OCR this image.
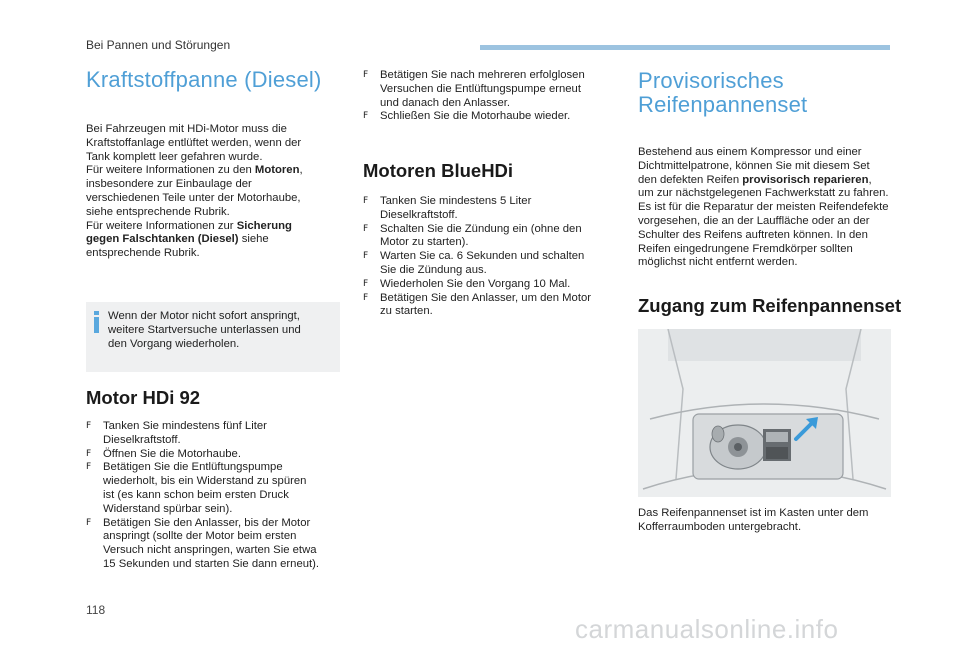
Bei Pannen und Störungen
Kraftstoffpanne (Diesel)

Bei Fahrzeugen mit HDi-Motor muss die

Kraftstoffanlage entlüftet werden, wenn der

Tank komplett leer gefahren wurde.

Für weitere Informationen zu den Motoren,

insbesondere zur Einbaulage der

verschiedenen Teile unter der Motorhaube,

siehe entsprechende Rubrik.

Für weitere Informationen zur Sicherung

gegen Falschtanken (Diesel) siehe

entsprechende Rubrik.

Wenn der Motor nicht sofort anspringt,

weitere Startversuche unterlassen und

den Vorgang wiederholen.

Motor HDi 92
F Tanken Sie mindestens fünf Liter
Dieselkraftstoff.
F Öffnen Sie die Motorhaube.
F Betätigen Sie die Entlüftungspumpe
wiederholt, bis ein Widerstand zu spüren
ist (es kann schon beim ersten Druck
Widerstand spürbar sein).
F Betätigen Sie den Anlasser, bis der Motor
anspringt (sollte der Motor beim ersten
Versuch nicht anspringen, warten Sie etwa
15 Sekunden und starten Sie dann erneut).
F Betätigen Sie nach mehreren erfolglosen
Versuchen die Entlüftungspumpe erneut
und danach den Anlasser.
F Schließen Sie die Motorhaube wieder.
Motoren BlueHDi
F Tanken Sie mindestens 5 Liter
Dieselkraftstoff.
F Schalten Sie die Zündung ein (ohne den
Motor zu starten).
F Warten Sie ca. 6 Sekunden und schalten
Sie die Zündung aus.
F Wiederholen Sie den Vorgang 10 Mal.
F Betätigen Sie den Anlasser, um den Motor
zu starten.
Provisorisches
Reifenpannenset

Bestehend aus einem Kompressor und einer

Dichtmittelpatrone, können Sie mit diesem Set

den defekten Reifen provisorisch reparieren,

um zur nächstgelegenen Fachwerkstatt zu fahren.

Es ist für die Reparatur der meisten Reifendefekte

vorgesehen, die an der Lauffläche oder an der

Schulter des Reifens auftreten können. In den

Reifen eingedrungene Fremdkörper sollten

möglichst nicht entfernt werden.

Zugang zum Reifenpannenset

Das Reifenpannenset ist im Kasten unter dem

Kofferraumboden untergebracht.

118
carmanualsonline.info
